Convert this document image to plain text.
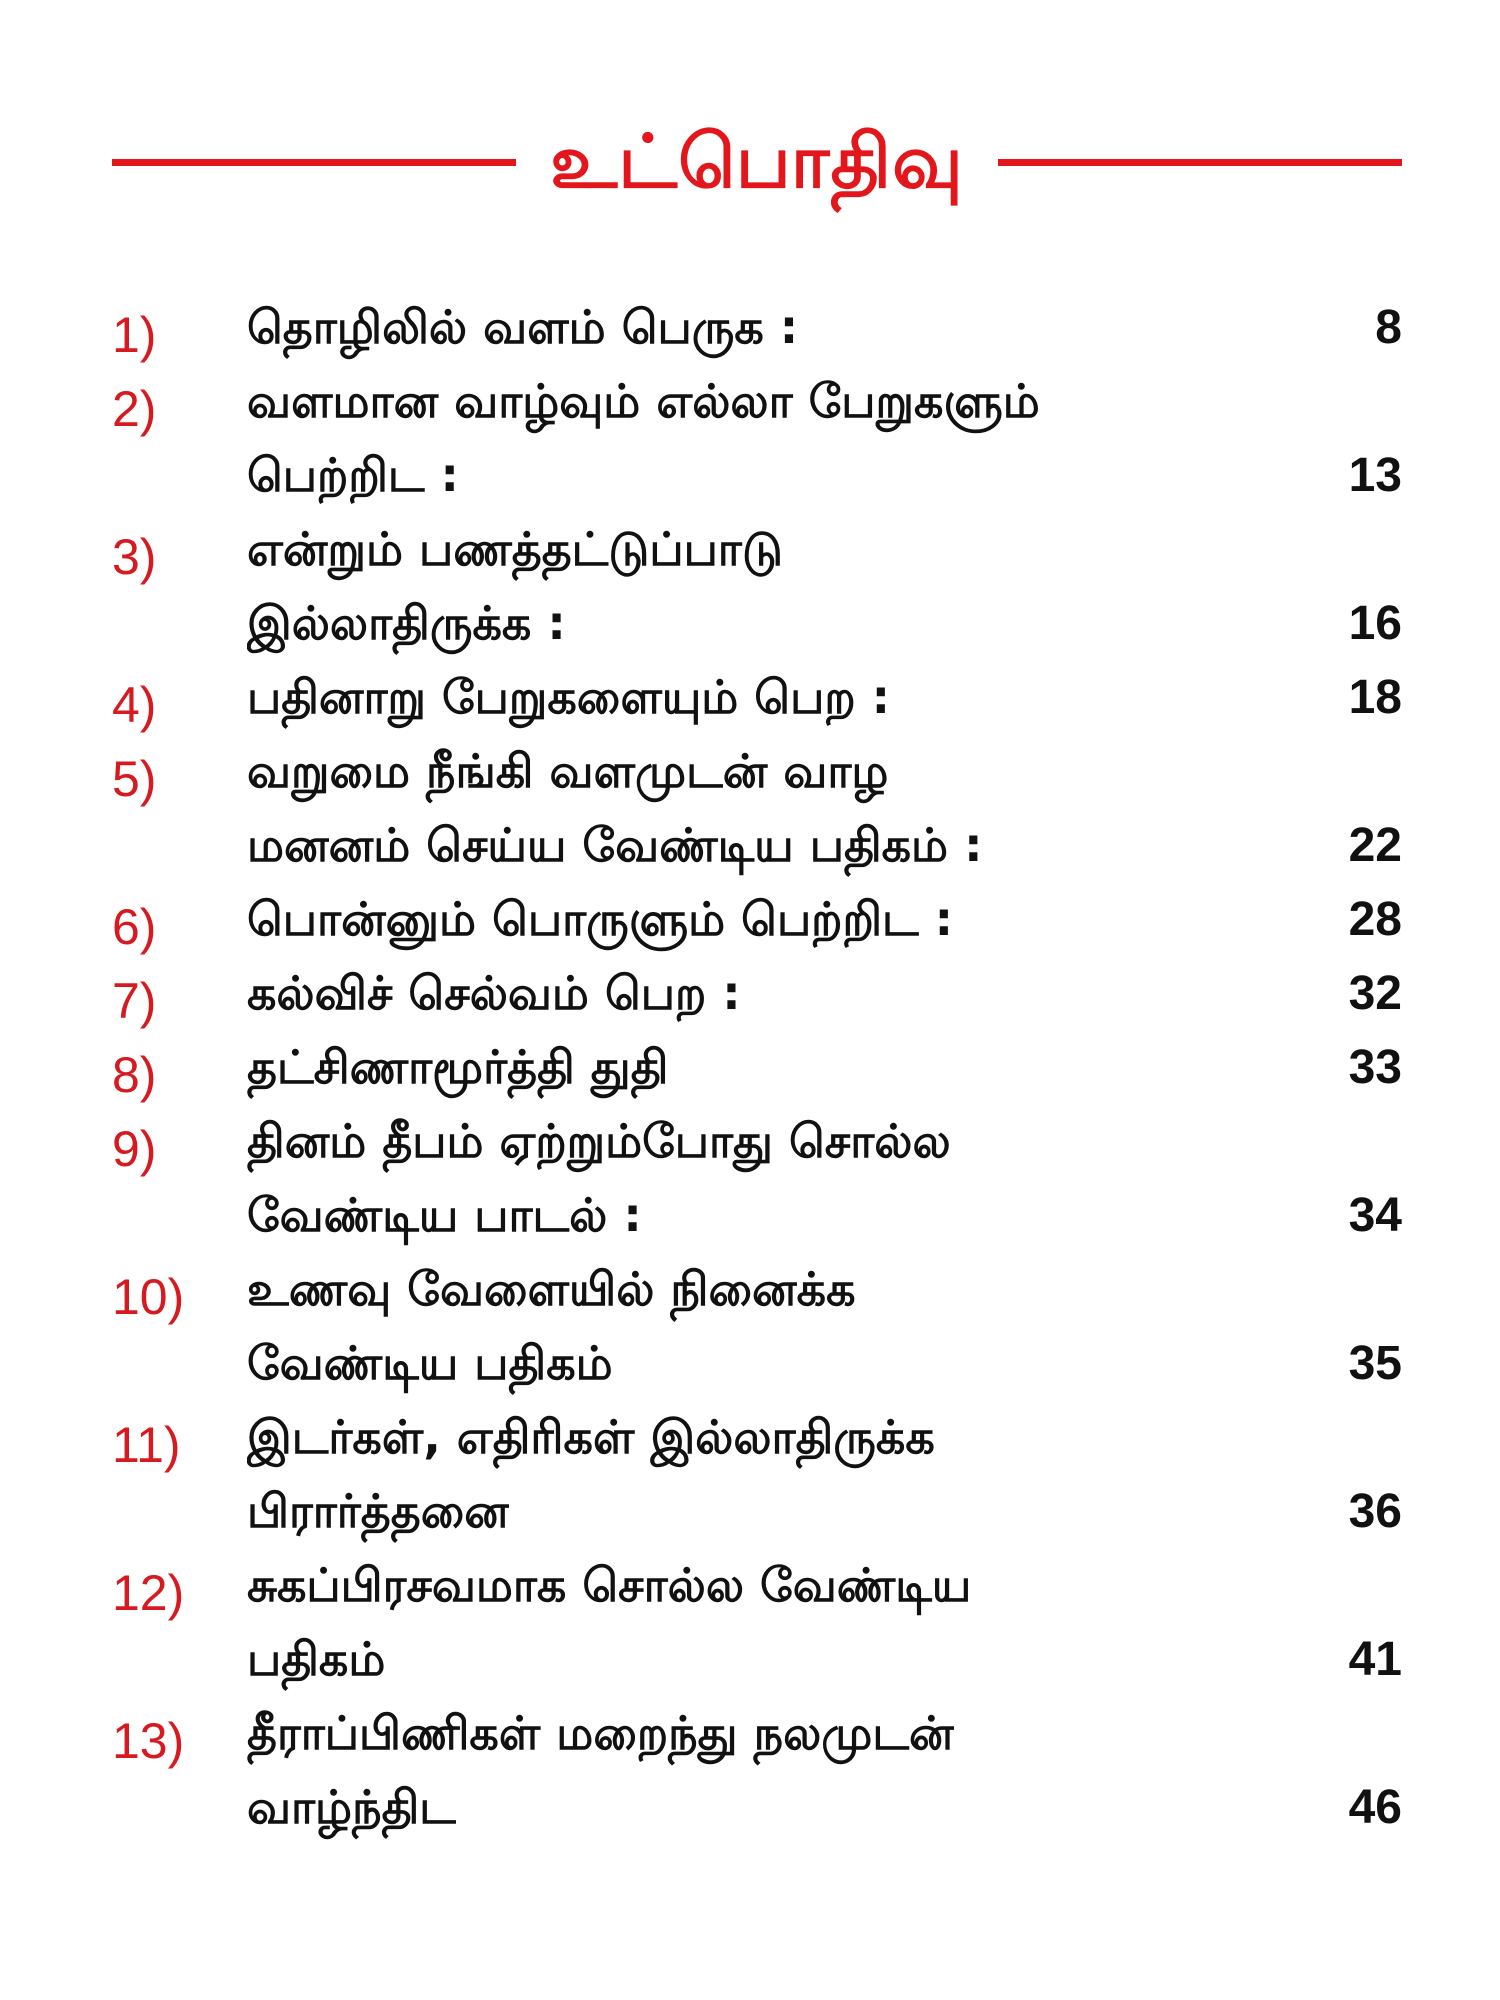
உட்பொதிவு
1)	தொழிலில் வளம் பெருக :	8
2)	வளமான வாழ்வும் எல்லா பேறுகளும்
பெற்றிட :	13
3)	என்றும் பணத்தட்டுப்பாடு
இல்லாதிருக்க :	16
4)	பதினாறு பேறுகளையும் பெற :	18
5)	வறுமை நீங்கி வளமுடன் வாழ
மனனம் செய்ய வேண்டிய பதிகம் :	22
6)	பொன்னும் பொருளும் பெற்றிட :	28
7)	கல்விச் செல்வம் பெற :	32
8)	தட்சிணாமூர்த்தி துதி	33
9)	தினம் தீபம் ஏற்றும்போது சொல்ல
வேண்டிய பாடல் :	34
10)	உணவு வேளையில் நினைக்க
வேண்டிய பதிகம்	35
11)	இடர்கள், எதிரிகள் இல்லாதிருக்க
பிரார்த்தனை	36
12)	சுகப்பிரசவமாக சொல்ல வேண்டிய
பதிகம்	41
13)	தீராப்பிணிகள் மறைந்து நலமுடன்
வாழ்ந்திட	46
